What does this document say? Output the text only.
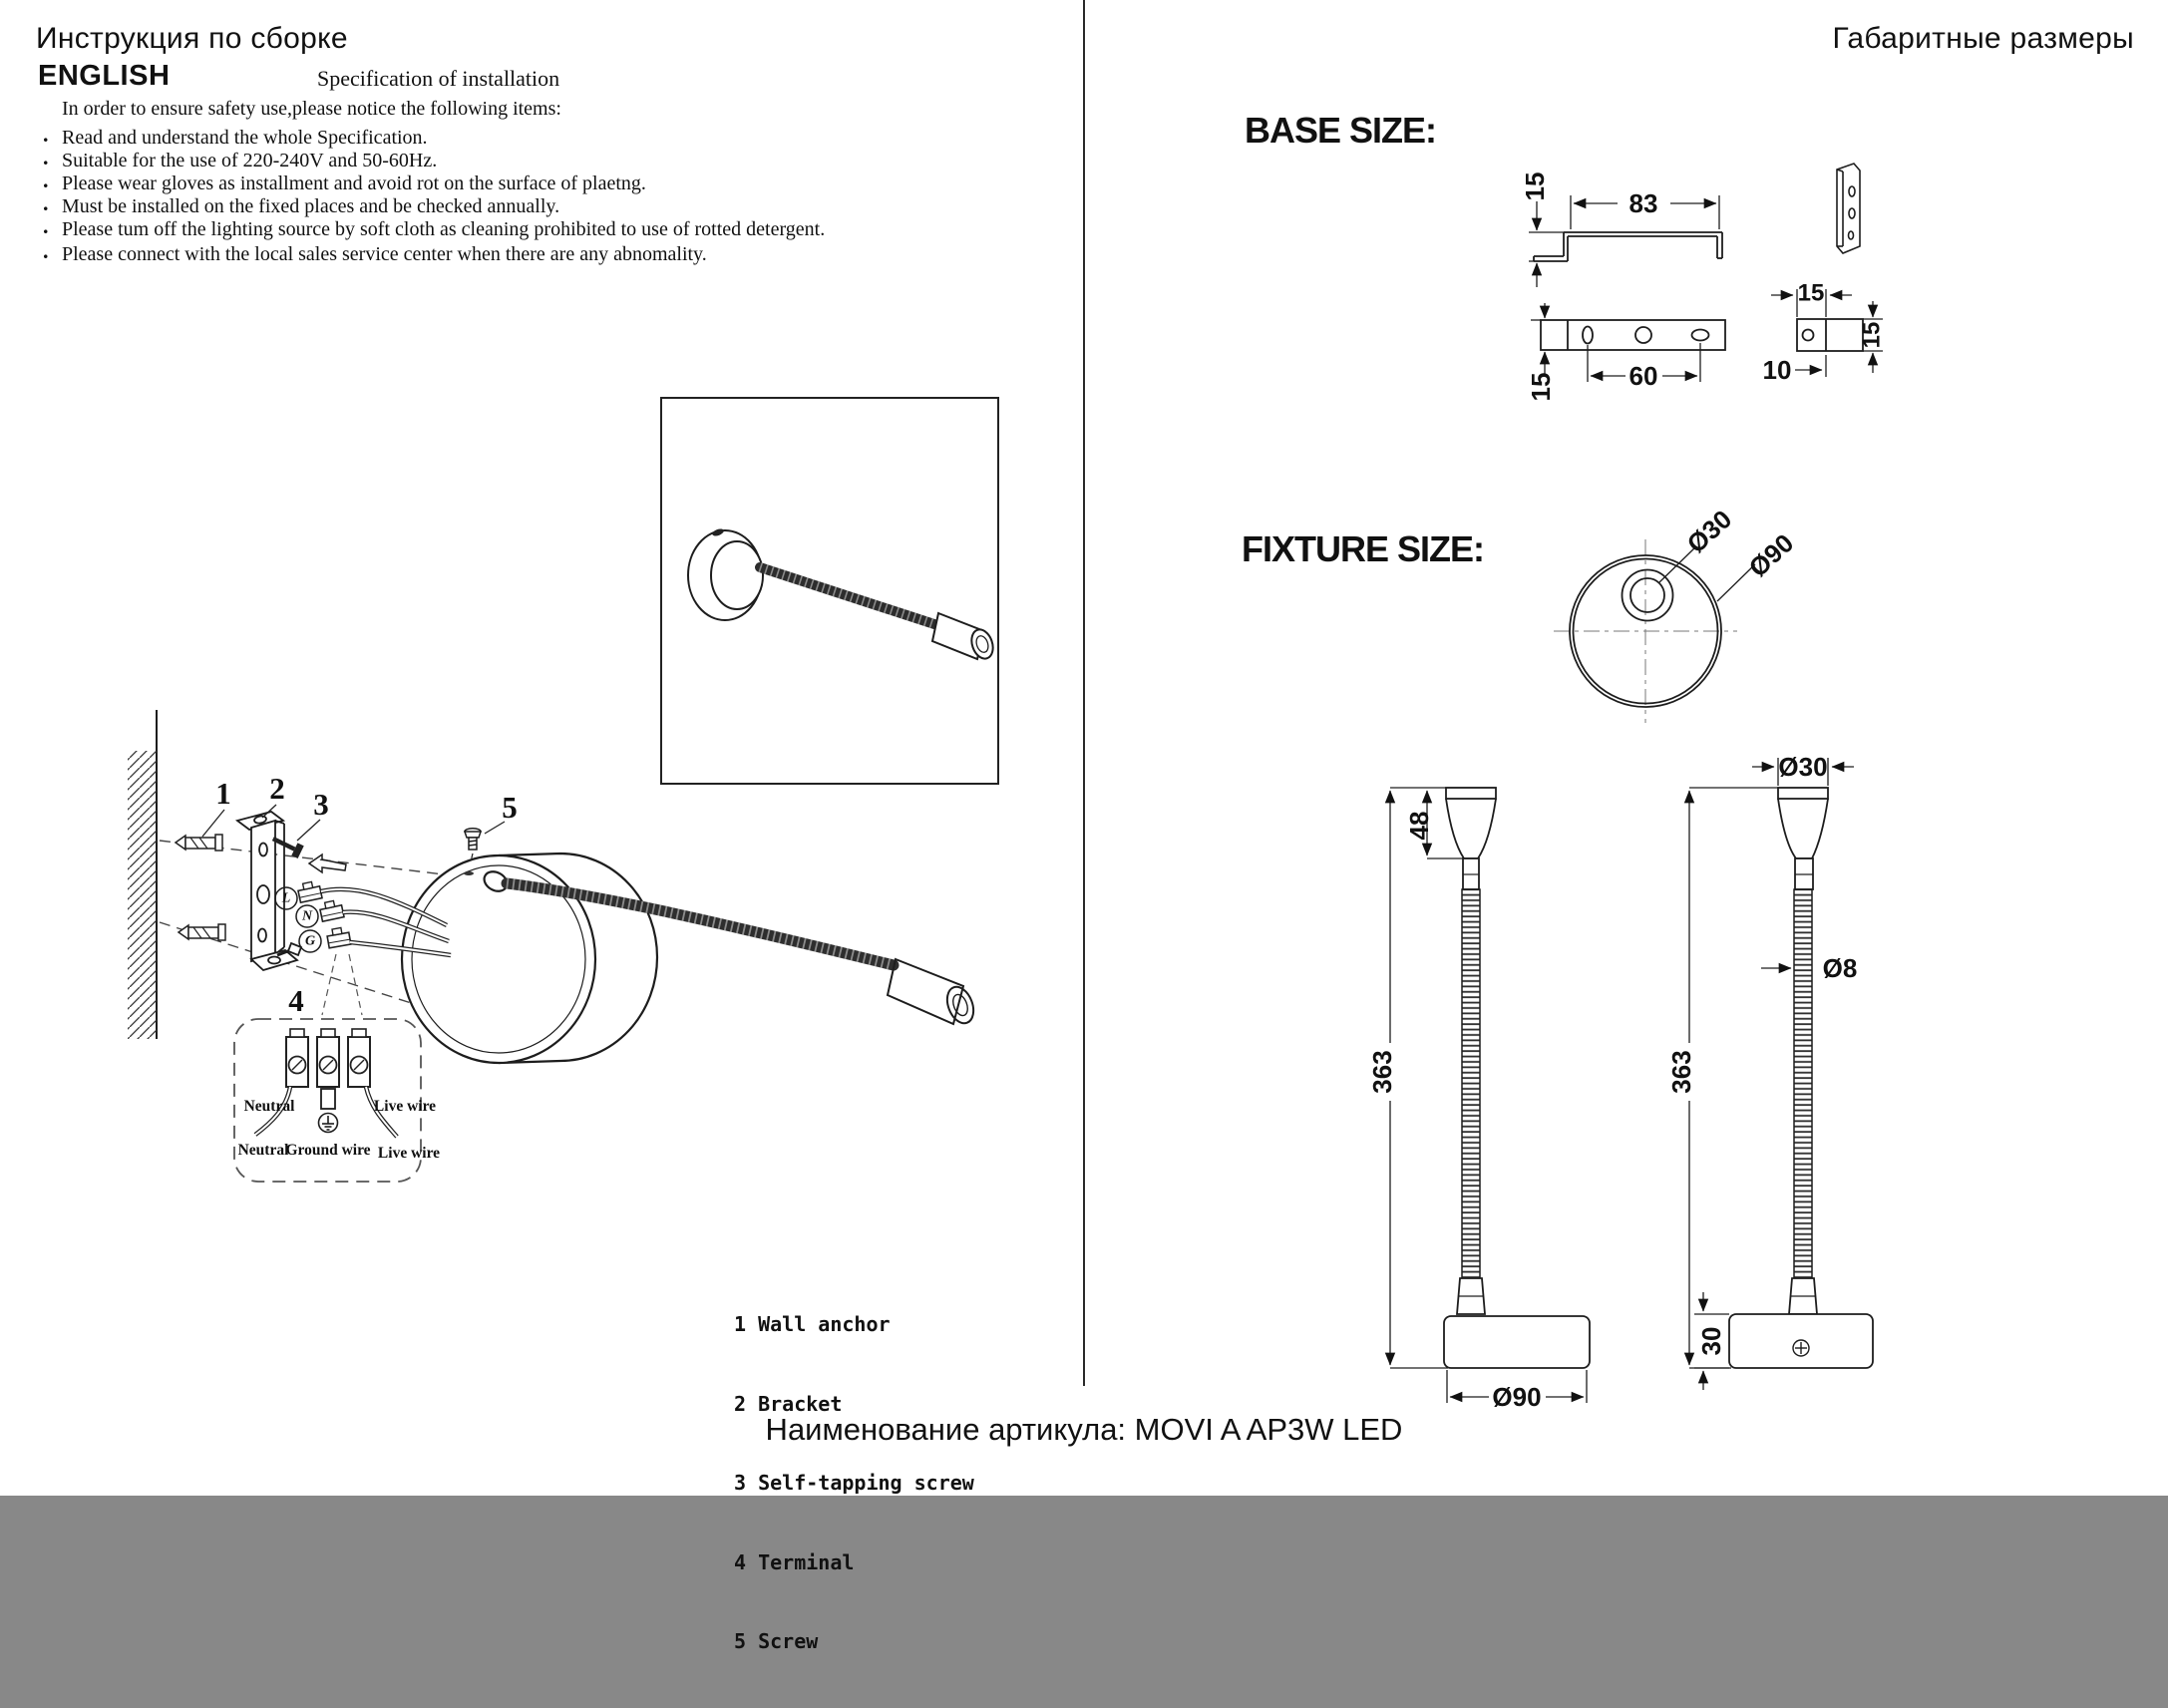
Инструкция по сборке	Габаритные размеры
ENGLISH	Specification of installation
In order to ensure safety use,please notice the following items:
. Read and understand the whole Specification.
. Suitable for the use of 220-240V and 50-60Hz.
. Please wear gloves as installment and avoid rot on the surface of plaetng.
. Must be installed on the fixed places and be checked annually.
. Please tum off the lighting source by soft cloth as cleaning prohibited to use of rotted detergent.
. Please connect with the local sales service center when there are any abnomality.
BASE SIZE:
FIXTURE SIZE:
L
N
G
Neutral	Live wire
Neutral
Ground wire Live wire
1 2 3	5
4

1 Wall anchor

2 Bracket

3 Self-tapping screw

4 Terminal

5 Screw

83
15
15	60
15
15
10
Ø30 Ø90
363
48
Ø90
Ø30
363
Ø8
30
Наименование артикула: MOVI A AP3W LED
